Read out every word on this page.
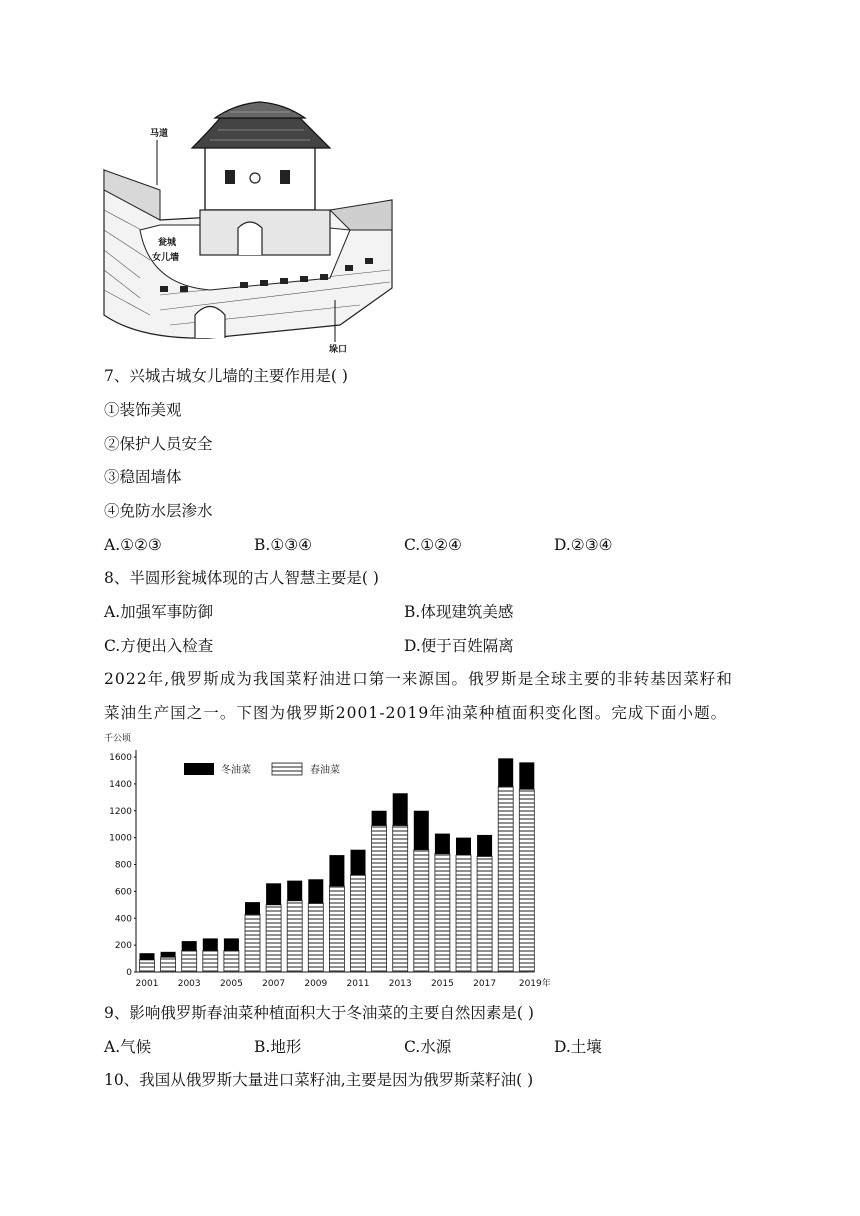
马道
瓮城
女儿墙
垛口
7、兴城古城女儿墙的主要作用是( )
①装饰美观
②保护人员安全
③稳固墙体
④免防水层渗水
A.①②③	B.①③④	C.①②④	D.②③④
8、半圆形瓮城体现的古人智慧主要是( )
A.加强军事防御	B.体现建筑美感
C.方便出入检查	D.便于百姓隔离
2022年,俄罗斯成为我国菜籽油进口第一来源国。俄罗斯是全球主要的非转基因菜籽和
菜油生产国之一。下图为俄罗斯2001-2019年油菜种植面积变化图。完成下面小题。
千公顷
0
200
400
600
800
1000
1200
1400
1600
2001 2003 2005 2007 2009 2011 2013 2015 2017	2019年
冬油菜	春油菜
9、影响俄罗斯春油菜种植面积大于冬油菜的主要自然因素是( )
A.气候	B.地形	C.水源	D.土壤
10、我国从俄罗斯大量进口菜籽油,主要是因为俄罗斯菜籽油( )
